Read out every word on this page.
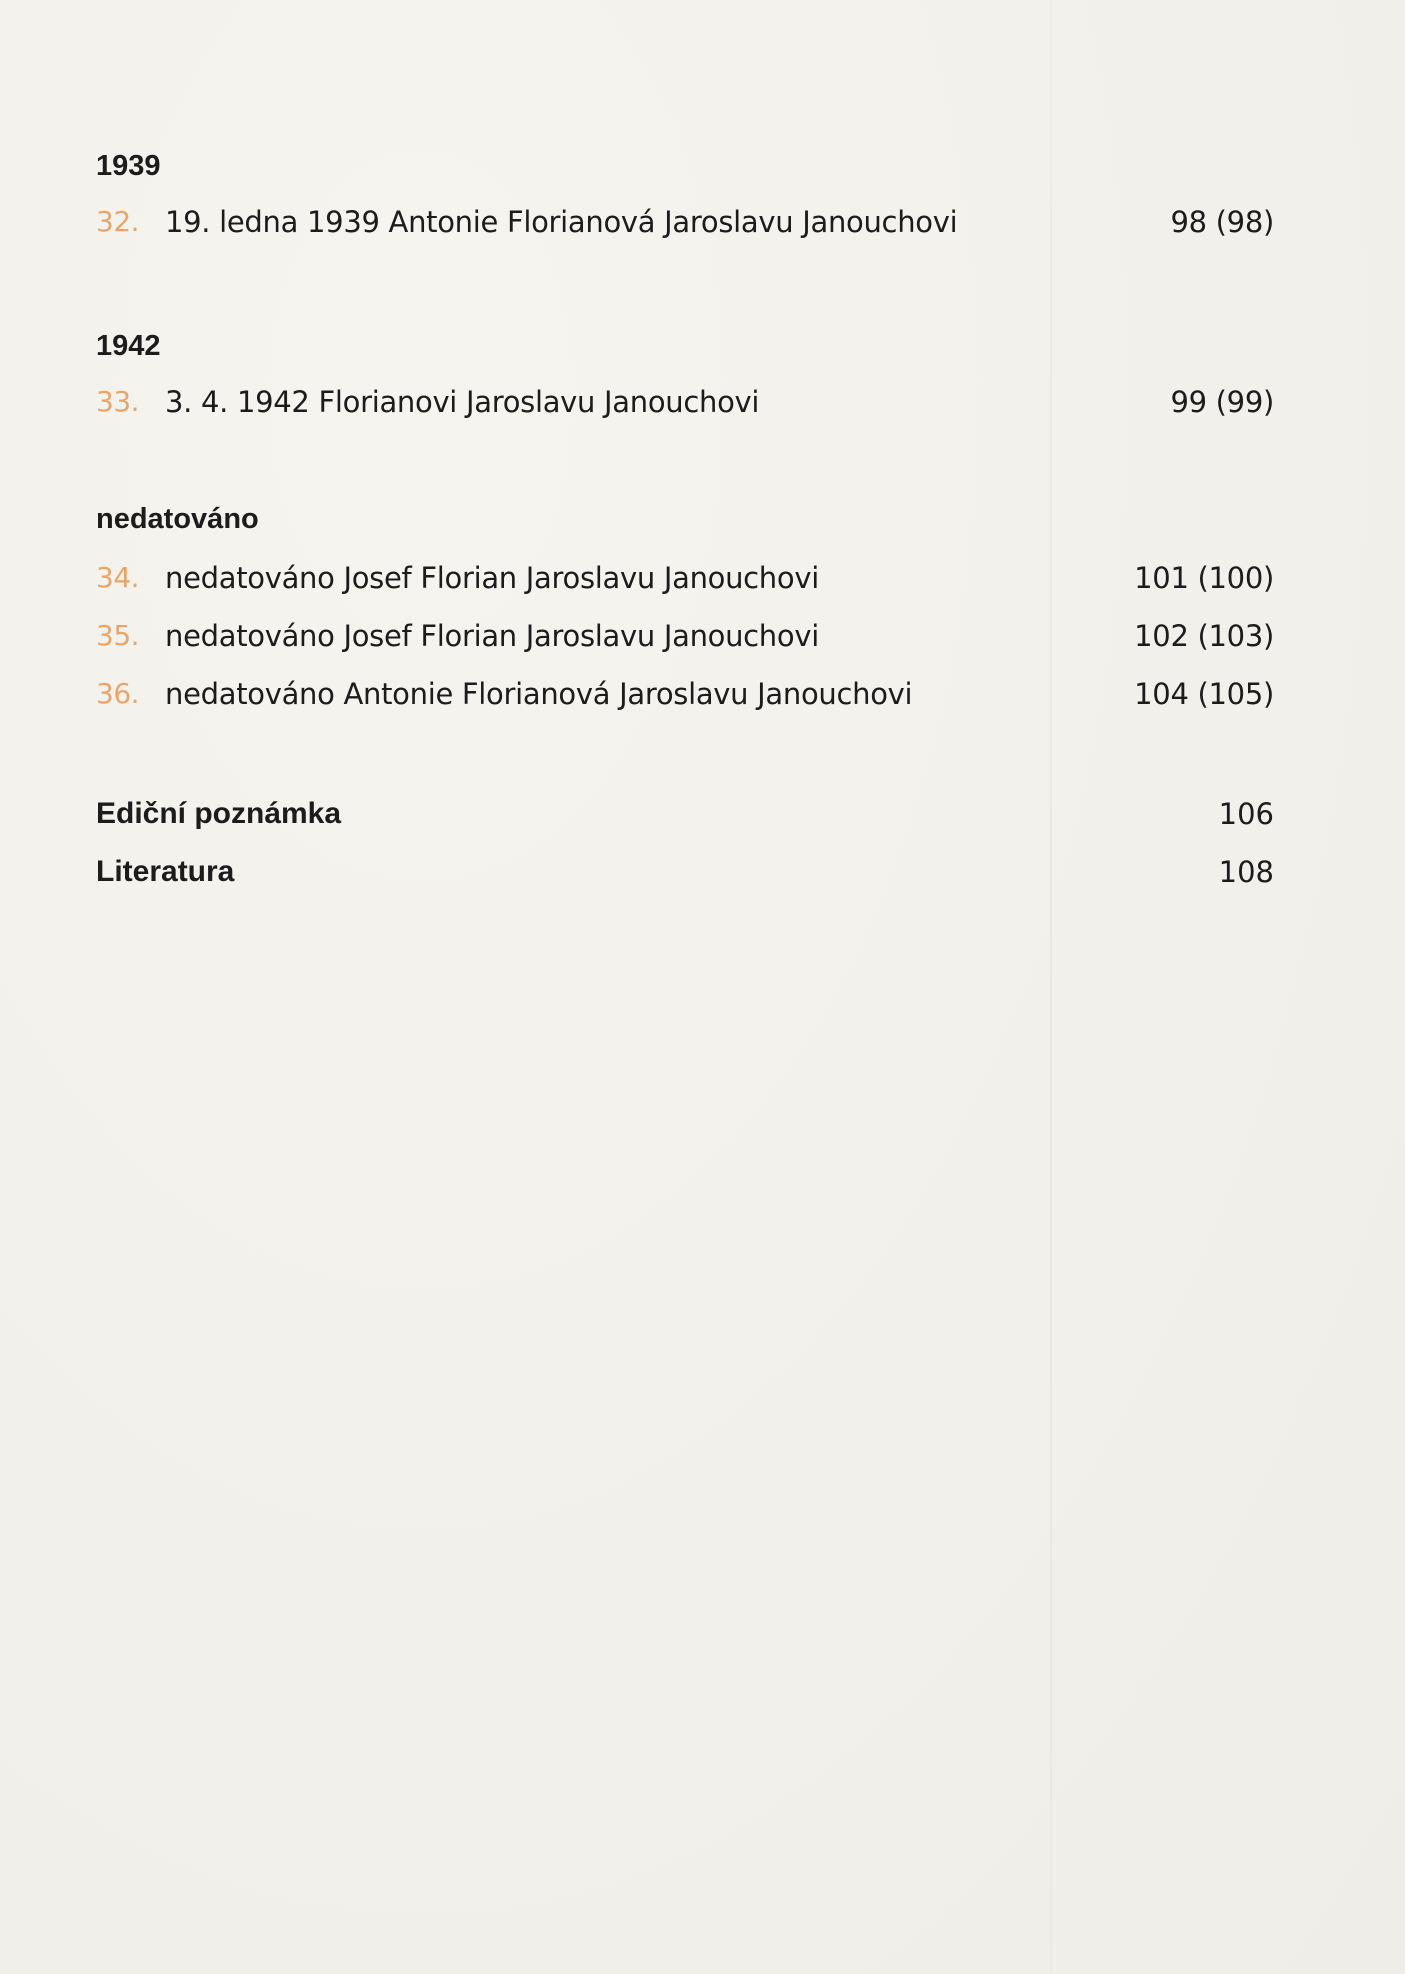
1939
32. 19. ledna 1939 Antonie Florianová Jaroslavu Janouchovi	98 (98)
1942
33. 3. 4. 1942 Florianovi Jaroslavu Janouchovi	99 (99)
nedatováno
34. nedatováno Josef Florian Jaroslavu Janouchovi	101 (100)
35. nedatováno Josef Florian Jaroslavu Janouchovi	102 (103)
36. nedatováno Antonie Florianová Jaroslavu Janouchovi	104 (105)
Ediční poznámka	106
Literatura	108
